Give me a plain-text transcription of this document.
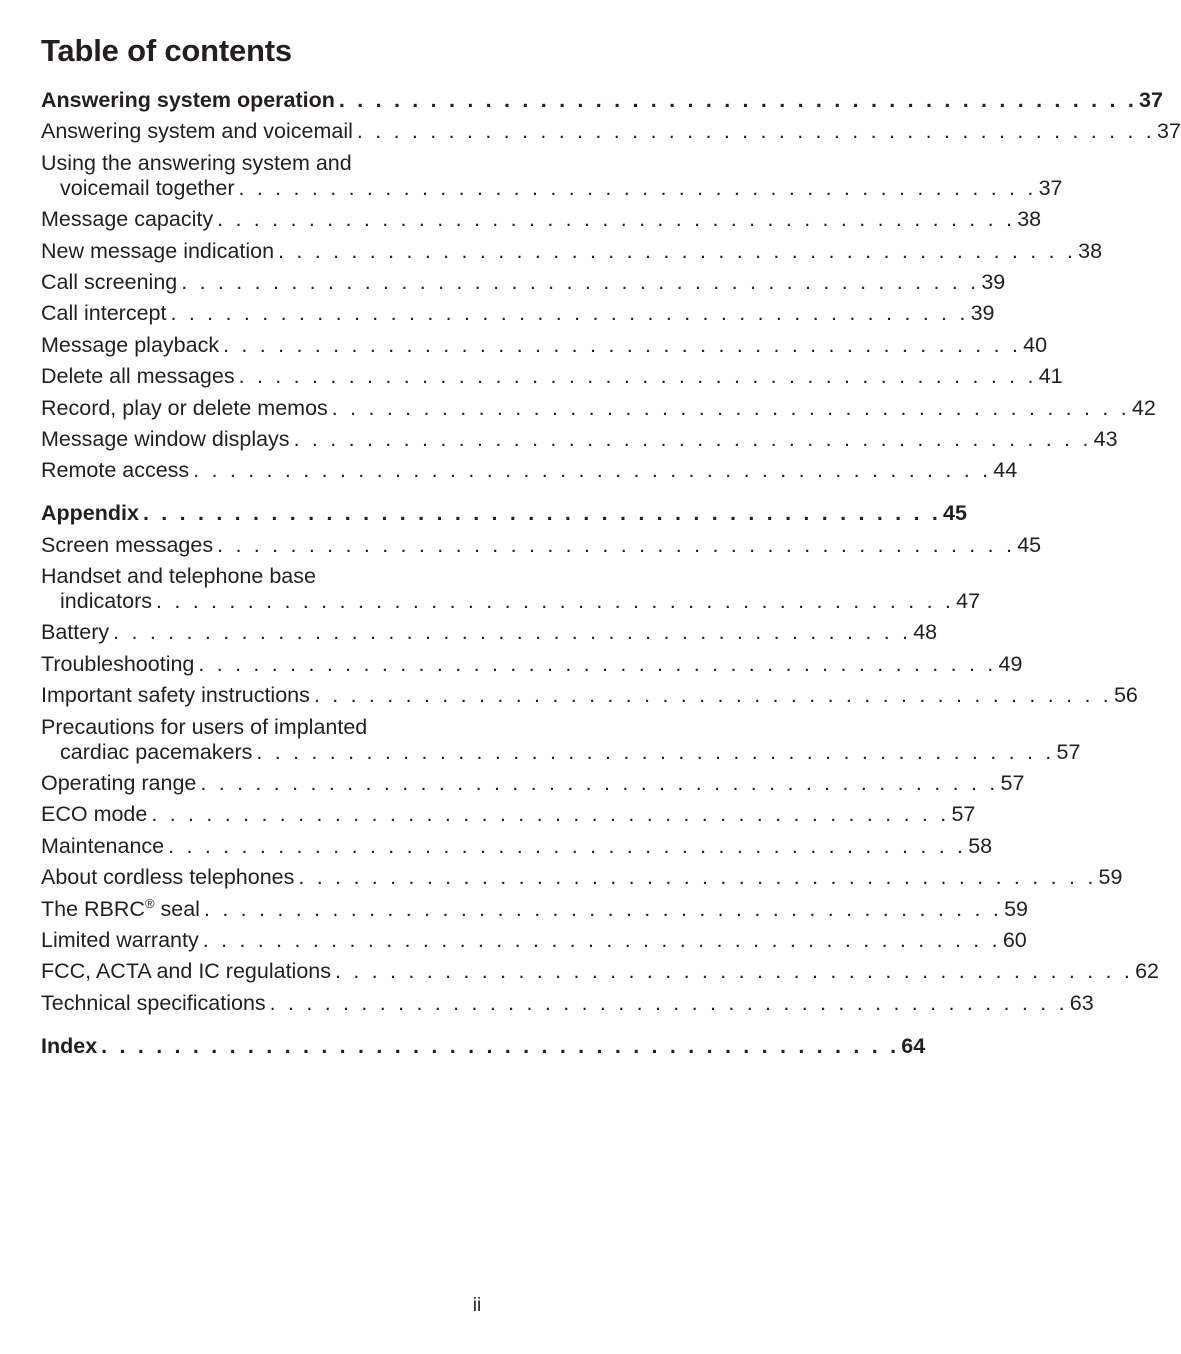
Table of contents
Answering system operation . . . . . . . . . . . . . . . . . . . . . . . . . . . . . . . . . . . . . . . . . . . . 37
Answering system and voicemail . . . . . . . . . . . . . . . . . . . . . . . . . . . . . . . . . . . . . . . . . . . . 37
Using the answering system and
voicemail together . . . . . . . . . . . . . . . . . . . . . . . . . . . . . . . . . . . . . . . . . . . . 37
Message capacity . . . . . . . . . . . . . . . . . . . . . . . . . . . . . . . . . . . . . . . . . . . . 38
New message indication . . . . . . . . . . . . . . . . . . . . . . . . . . . . . . . . . . . . . . . . . . . . 38
Call screening . . . . . . . . . . . . . . . . . . . . . . . . . . . . . . . . . . . . . . . . . . . . 39
Call intercept . . . . . . . . . . . . . . . . . . . . . . . . . . . . . . . . . . . . . . . . . . . . 39
Message playback . . . . . . . . . . . . . . . . . . . . . . . . . . . . . . . . . . . . . . . . . . . . 40
Delete all messages . . . . . . . . . . . . . . . . . . . . . . . . . . . . . . . . . . . . . . . . . . . . 41
Record, play or delete memos . . . . . . . . . . . . . . . . . . . . . . . . . . . . . . . . . . . . . . . . . . . . 42
Message window displays . . . . . . . . . . . . . . . . . . . . . . . . . . . . . . . . . . . . . . . . . . . . 43
Remote access . . . . . . . . . . . . . . . . . . . . . . . . . . . . . . . . . . . . . . . . . . . . 44
Appendix . . . . . . . . . . . . . . . . . . . . . . . . . . . . . . . . . . . . . . . . . . . . 45
Screen messages . . . . . . . . . . . . . . . . . . . . . . . . . . . . . . . . . . . . . . . . . . . . 45
Handset and telephone base
indicators . . . . . . . . . . . . . . . . . . . . . . . . . . . . . . . . . . . . . . . . . . . . 47
Battery . . . . . . . . . . . . . . . . . . . . . . . . . . . . . . . . . . . . . . . . . . . . 48
Troubleshooting . . . . . . . . . . . . . . . . . . . . . . . . . . . . . . . . . . . . . . . . . . . . 49
Important safety instructions . . . . . . . . . . . . . . . . . . . . . . . . . . . . . . . . . . . . . . . . . . . . 56
Precautions for users of implanted
cardiac pacemakers . . . . . . . . . . . . . . . . . . . . . . . . . . . . . . . . . . . . . . . . . . . . 57
Operating range . . . . . . . . . . . . . . . . . . . . . . . . . . . . . . . . . . . . . . . . . . . . 57
ECO mode . . . . . . . . . . . . . . . . . . . . . . . . . . . . . . . . . . . . . . . . . . . . 57
Maintenance . . . . . . . . . . . . . . . . . . . . . . . . . . . . . . . . . . . . . . . . . . . . 58
About cordless telephones . . . . . . . . . . . . . . . . . . . . . . . . . . . . . . . . . . . . . . . . . . . . 59
The RBRC® seal . . . . . . . . . . . . . . . . . . . . . . . . . . . . . . . . . . . . . . . . . . . . 59
Limited warranty . . . . . . . . . . . . . . . . . . . . . . . . . . . . . . . . . . . . . . . . . . . . 60
FCC, ACTA and IC regulations . . . . . . . . . . . . . . . . . . . . . . . . . . . . . . . . . . . . . . . . . . . . 62
Technical specifications . . . . . . . . . . . . . . . . . . . . . . . . . . . . . . . . . . . . . . . . . . . . 63
Index . . . . . . . . . . . . . . . . . . . . . . . . . . . . . . . . . . . . . . . . . . . . 64
ii
